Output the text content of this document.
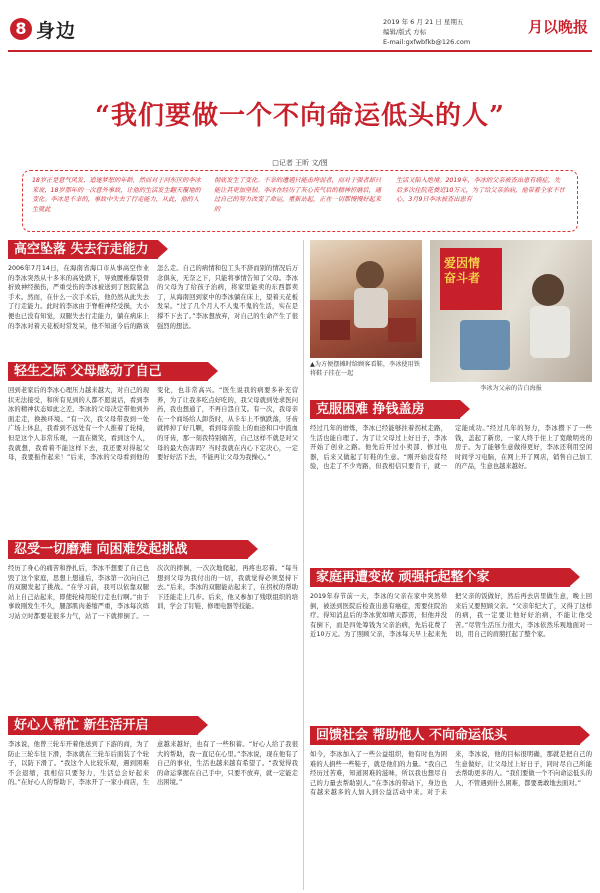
8 身边	2019 年 6 月 21 日 星期五
编辑/版式 方标
E-mail:gxfwbfkb@126.com
月以晚报
“我们要做一个不向命运低头的人”
□记者 王昕 文/图
18岁正是意气风发、追逐梦想的年龄，然而对于河东区的李冰来说，18岁那年的一次意外事故，让他的生活发生翻天覆地的变化。李冰是不幸的，事故中失去了行走能力，从此，他的人生就此
彻底发生了变化。不幸的遭遇只能击垮弱者，而对于强者却只能让其更加坚韧。李冰在经历了灰心丧气后的精神折磨后，通过自己的努力改变了命运，重新站起，正在一切都慢慢好起来的
生活又陷入绝境。2019年，李冰的父亲被查出患有癌症，先后多次住院花费近10万元，为了给父亲治病，他带着全家不甘心，3月9日李冰被查出患有
高空坠落 失去行走能力
2006年7月14日，在海南省海口市从事高空作业的李冰突然从十多米的高处跌下，导致腰椎爆裂骨折致神经损伤，严重受伤的李冰被送到了医院紧急手术。然而，在什么一次手术后，他仍然从此失去了行走能力。此时的李冰由于脊椎神经受损，大小便也已没有知觉，双腿失去行走能力，躺在病床上的李冰对着天花板时常发呆，他不知道今后的路该怎么走。自己的病情和包工头不辞而别的情况后万念俱灰，无奈之下，只能将事情告知了父母。李冰的父母为了给孩子治病，将家里能卖的东西都卖了，从海南回到家中的李冰躺在床上，望着天花板发呆。“过了几个月人不人鬼不鬼的生活，实在是撑不下去了。”李冰想放弃，对自己的生命产生了很强烈的想法。
▲为方便摆摊时给顾客看鞋，李冰使用铁将鞋子挂在一起
爱因情
奋斗者
李冰为父亲的告白海报
轻生之际 父母感动了自己
回到老家后的李冰心理压力越来越大，对自己的现状无法接受，和所有见到的人都不愿说话，看到李冰的精神状态如此之差，李冰的父母决定带他到外面走走，换换环境。“有一次，我父母带我到一处广场上休息，我看到不远处有一个人推着了轮椅，但是这个人非常乐观，一直在微笑，看到这个人，我就想，我看着不能这样下去，我还要对得起父母，我要振作起来！”后来，李冰的父母看到他的变化，也非常高兴。“医生说我的病要多补充营养，为了让我多吃点好吃的，我父母就到处求医问药，我也想通了，不再自怨自艾。有一次，我母亲在一个商场给人卸货时，从卡车上不慎跌落，牙齿就摔掉了好几颗，看到母亲脸上的血迹和口中流血的牙齿，那一刻我特别痛苦，自己这样不就是对父母的最大伤害吗？当时我就在内心下定决心，一定要好好活下去，不能再让父母为我操心。”
克服困难 挣钱盖房
经过几年的磨炼，李冰已经能够拄着拐杖走路，生活也能自理了。为了让父母过上好日子，李冰开始了创业之路。他先后开过小卖部、修过电器，后来又做起了钉鞋的生意。“刚开始没有经验，也走了不少弯路，但我相信只要肯干，就一定能成功。”经过几年的努力，李冰攒下了一些钱，盖起了新房，一家人终于住上了宽敞明亮的房子。为了能够生意做得更好，李冰还利用空闲时间学习电脑，在网上开了网店，销售自己加工的产品，生意也越来越好。
忍受一切磨难 向困难发起挑战
经历了身心的痛苦和挣扎后，李冰不想要了自己也毁了这个家庭，思想上想通后，李冰第一次向自己的双腿发起了挑战。“在学习前，我可以依靠双腿站上自己站起来，即使轮椅用轮行走也行啊。”由于事故刚发生不久，腿部肌肉萎缩严重，李冰每次练习站立时都要花很多力气，站了一下就摔倒了。一次次的摔倒，一次次地爬起，再疼也忍着。“每当想到父母为我付出的一切，我就觉得必须坚持下去。”后来，李冰的双腿能站起来了，在拐杖的帮助下还能走上几步。后来，他又参加了残联组织的培训，学会了钉鞋、修理电器等技能。
家庭再遭变故 顽强托起整个家
2019年春节前一天，李冰的父亲在家中突然晕倒，被送到医院后检查出患有癌症，需要住院治疗。得知消息后的李冰犹如晴天霹雳，但他并没有倒下，而是四处筹钱为父亲治病，先后花费了近10万元。为了照顾父亲，李冰每天早上起来先把父亲的饭做好，然后再去店里做生意，晚上回来后又要照顾父亲。“父亲年纪大了，又得了这样的病，我一定要让他好好治病，不能让他受苦。”尽管生活压力很大，李冰依然乐观地面对一切，用自己的肩膀扛起了整个家。
好心人帮忙 新生活开启
李冰说，他曾三轮车开着他送到了下游的商，为了防止三轮车往下滑，李冰就在三轮车后面装了个轮子，以防下滑了。“我这个人比较乐观，遇到困难不会退缩，我相信只要努力，生活总会好起来的。”在好心人的帮助下，李冰开了一家小商店，生意越来越好，也有了一些积蓄。“好心人给了我很大的帮助，我一直记在心里。”李冰说，现在他有了自己的事业，生活也越来越有希望了。“我觉得我的命运掌握在自己手中，只要不放弃，就一定能走出困境。”
回馈社会 帮助他人 不向命运低头
如今，李冰加入了一些公益组织，他有时也为困难的人捐些一些鞋子，就是他们的力量。“我自己经历过苦难，知道困难的滋味，所以我也想尽自己的力量去帮助别人。”在李冰的带动下，身边也有越来越多的人加入到公益活动中来。对于未来，李冰说，他的目标很明确，那就是把自己的生意做好，让父母过上好日子，同时尽自己所能去帮助更多的人。“我们要做一个不向命运低头的人，不管遇到什么困难，都要勇敢地去面对。”
